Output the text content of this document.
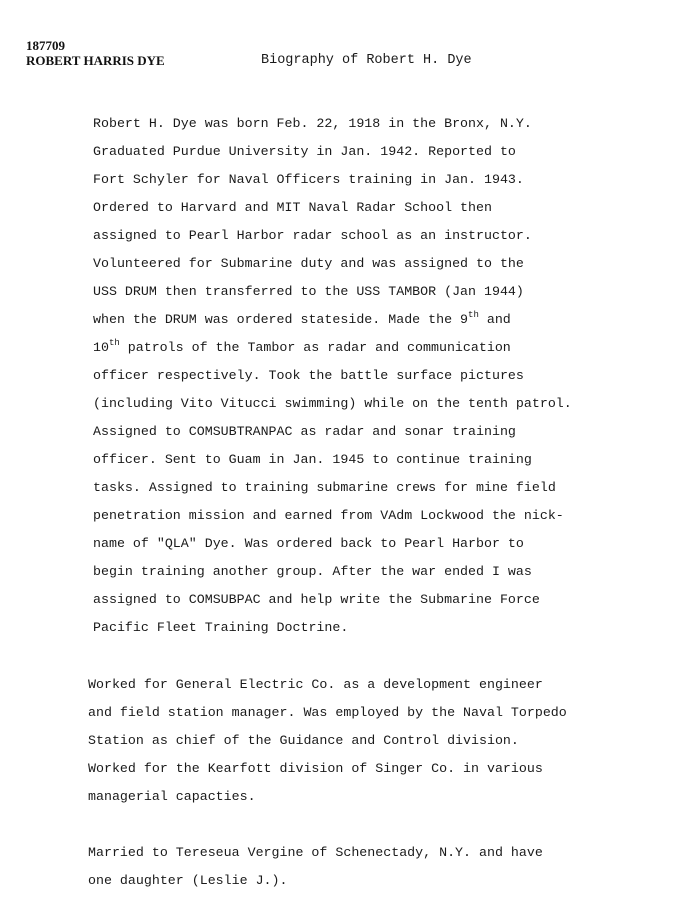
187709
ROBERT HARRIS DYE	Biography of Robert H. Dye
Robert H. Dye was born Feb. 22, 1918 in the Bronx, N.Y.
Graduated Purdue University in Jan. 1942. Reported to
Fort Schyler for Naval Officers training in Jan. 1943.
Ordered to Harvard and MIT Naval Radar School then
assigned to Pearl Harbor radar school as an instructor.
Volunteered for Submarine duty and was assigned to the
USS DRUM then transferred to the USS TAMBOR (Jan 1944)
when the DRUM was ordered stateside. Made the 9th and
10th patrols of the Tambor as radar and communication
officer respectively. Took the battle surface pictures
(including Vito Vitucci swimming) while on the tenth patrol.
Assigned to COMSUBTRANPAC as radar and sonar training
officer. Sent to Guam in Jan. 1945 to continue training
tasks. Assigned to training submarine crews for mine field
penetration mission and earned from VAdm Lockwood the nick-
name of "QLA" Dye. Was ordered back to Pearl Harbor to
begin training another group. After the war ended I was
assigned to COMSUBPAC and help write the Submarine Force
Pacific Fleet Training Doctrine.
Worked for General Electric Co. as a development engineer
and field station manager. Was employed by the Naval Torpedo
Station as chief of the Guidance and Control division.
Worked for the Kearfott division of Singer Co. in various
managerial capacties.
Married to Tereseua Vergine of Schenectady, N.Y. and have
one daughter (Leslie J.).
